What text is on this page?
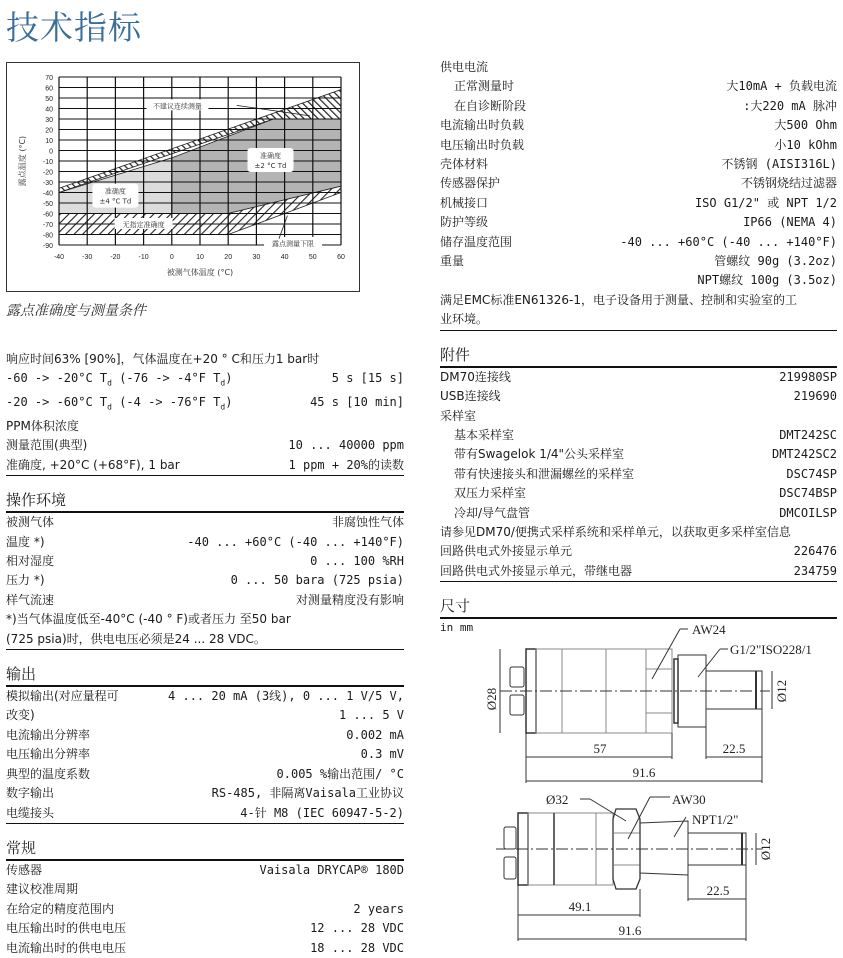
技术指标
70
60
50
40
30
20
10
0
-10
-20
-30
-40
-50
-60
-70
-80
-90
-40	-30	-20	-10	0	10	20	30	40	50	60
被测气体温度 (°C)
露点温度 (°C)
准确度
±4 °C Td
准确度
±2 °C Td
不建议连续测量
无指定准确度
露点测量下限
露点准确度与测量条件
响应时间63% [90%]，气体温度在+20 ° C和压力1 bar时
-60 -> -20°C $T_d$ (-76 -> -4°F $T_d$)	5 s [15 s]
-20 -> -60°C $T_d$ (-4 -> -76°F $T_d$)	45 s [10 min]
PPM体积浓度
测量范围(典型)	10 ... 40000 ppm
准确度, +20°C (+68°F), 1 bar	1 ppm + 20%的读数
操作环境
被测气体	非腐蚀性气体
温度 *)	-40 ... +60°C (-40 ... +140°F)
相对湿度	0 ... 100 %RH
压力 *)	0 ... 50 bara (725 psia)
样气流速	对测量精度没有影响
*)当气体温度低至-40°C (-40 ° F)或者压力 至50 bar
(725 psia)时，供电电压必须是24 ... 28 VDC。
输出
模拟输出(对应量程可	4 ... 20 mA (3线), 0 ... 1 V/5 V,
改变)	1 ... 5 V
电流输出分辨率	0.002 mA
电压输出分辨率	0.3 mV
典型的温度系数	0.005 %输出范围/ °C
数字输出	RS-485, 非隔离Vaisala工业协议
电缆接头	4-针 M8 (IEC 60947-5-2)
常规
传感器	Vaisala DRYCAP® 180D
建议校准周期
在给定的精度范围内	2 years
电压输出时的供电电压	12 ... 28 VDC
电流输出时的供电电压	18 ... 28 VDC
供电电流
正常测量时	大10mA + 负载电流
在自诊断阶段	:大220 mA 脉冲
电流输出时负载	大500 Ohm
电压输出时负载	小10 kOhm
壳体材料	不锈钢 (AISI316L)
传感器保护	不锈钢烧结过滤器
机械接口	ISO G1/2" 或 NPT 1/2
防护等级	IP66 (NEMA 4)
储存温度范围	-40 ... +60°C (-40 ... +140°F)
重量	管螺纹 90g (3.2oz)
NPT螺纹 100g (3.5oz)
满足EMC标准EN61326-1，电子设备用于测量、控制和实验室的工
业环境。
附件
DM70连接线	219980SP
USB连接线	219690
采样室
基本采样室	DMT242SC
带有Swagelok 1/4"公头采样室	DMT242SC2
带有快速接头和泄漏螺丝的采样室	DSC74SP
双压力采样室	DSC74BSP
冷却/导气盘管	DMCOILSP
请参见DM70/便携式采样系统和采样单元，以获取更多采样室信息
回路供电式外接显示单元	226476
回路供电式外接显示单元，带继电器	234759
尺寸
in mm	AW24
G1/2"ISO228/1
Ø28	Ø12
57	22.5
91.6
Ø32	AW30
NPT1/2"
Ø12
49.1
22.5
91.6
